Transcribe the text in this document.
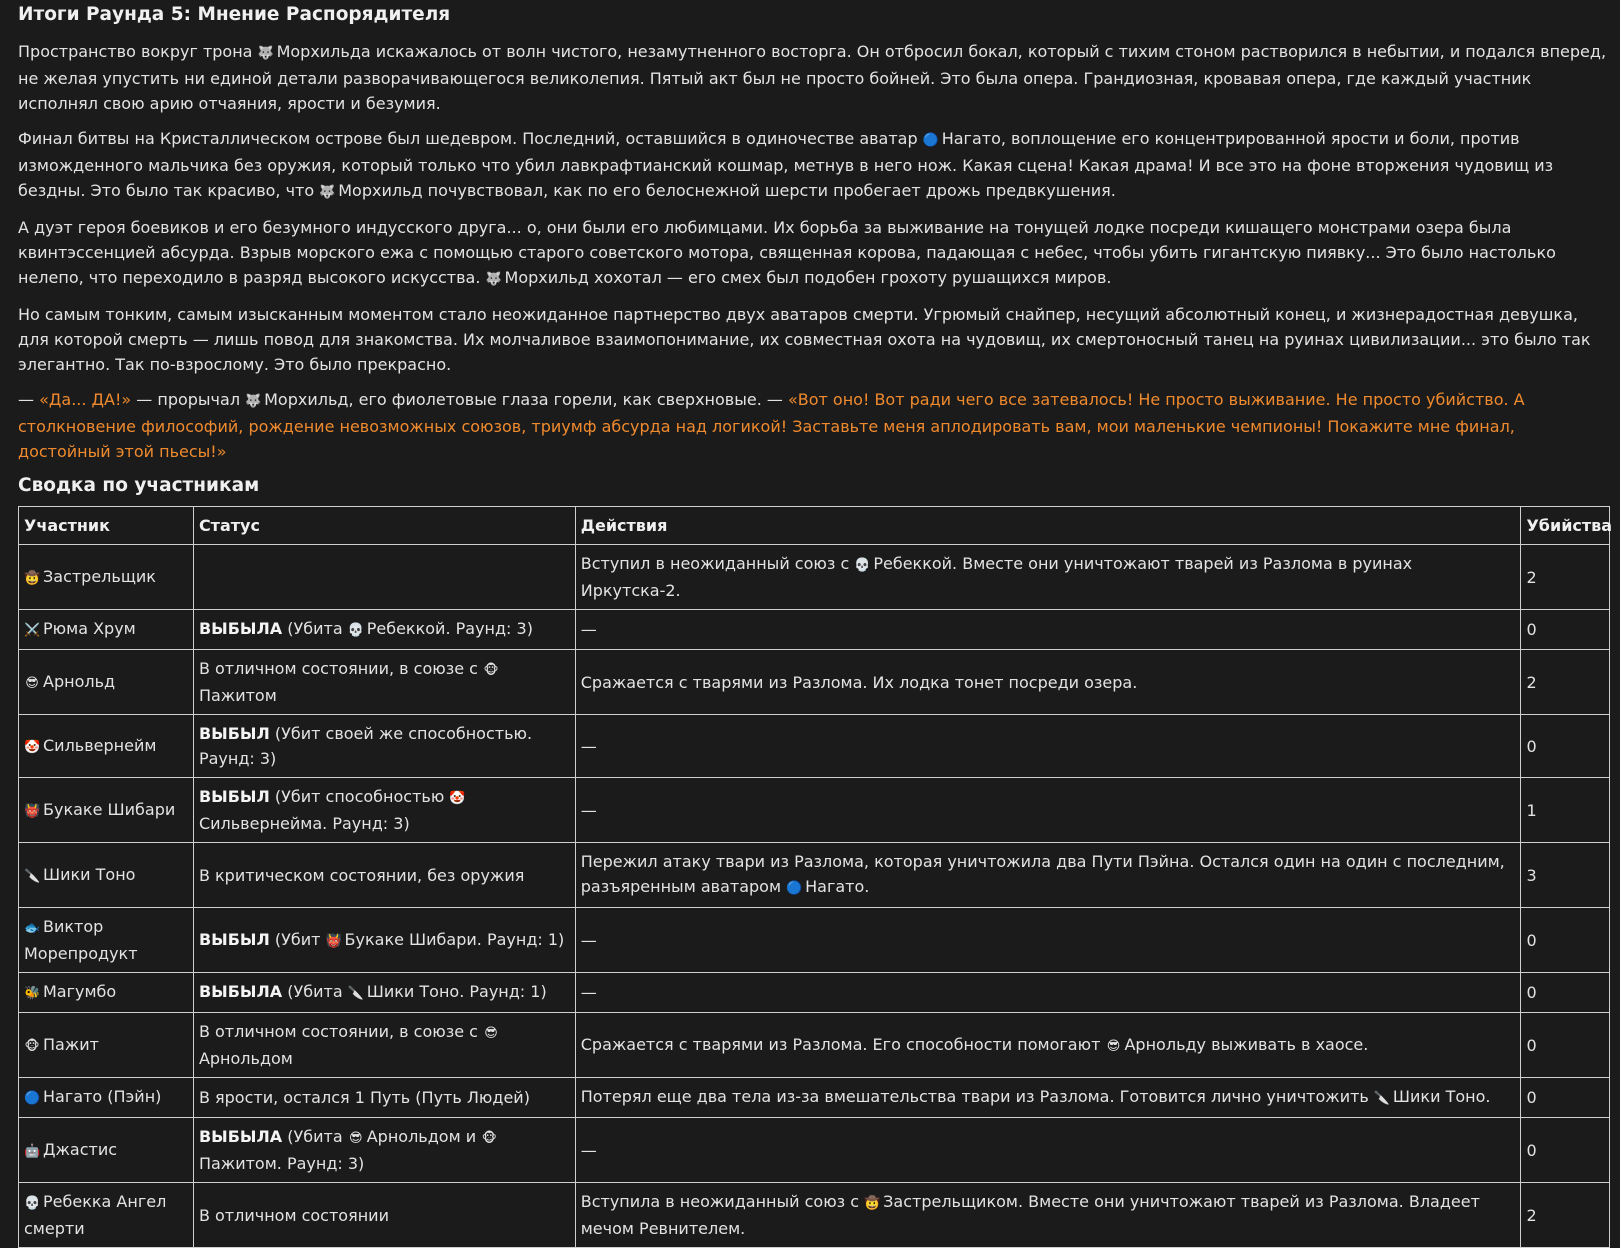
Итоги Раунда 5: Мнение Распорядителя

Пространство вокруг трона 🐺 Морхильда искажалось от волн чистого, незамутненного восторга. Он отбросил бокал, который с тихим стоном растворился в небытии, и подался вперед, не желая упустить ни единой детали разворачивающегося великолепия. Пятый акт был не просто бойней. Это была опера. Грандиозная, кровавая опера, где каждый участник исполнял свою арию отчаяния, ярости и безумия.

Финал битвы на Кристаллическом острове был шедевром. Последний, оставшийся в одиночестве аватар 🔵 Нагато, воплощение его концентрированной ярости и боли, против изможденного мальчика без оружия, который только что убил лавкрафтианский кошмар, метнув в него нож. Какая сцена! Какая драма! И все это на фоне вторжения чудовищ из бездны. Это было так красиво, что 🐺 Морхильд почувствовал, как по его белоснежной шерсти пробегает дрожь предвкушения.

А дуэт героя боевиков и его безумного индусского друга... о, они были его любимцами. Их борьба за выживание на тонущей лодке посреди кишащего монстрами озера была квинтэссенцией абсурда. Взрыв морского ежа с помощью старого советского мотора, священная корова, падающая с небес, чтобы убить гигантскую пиявку... Это было настолько нелепо, что переходило в разряд высокого искусства. 🐺 Морхильд хохотал — его смех был подобен грохоту рушащихся миров.

Но самым тонким, самым изысканным моментом стало неожиданное партнерство двух аватаров смерти. Угрюмый снайпер, несущий абсолютный конец, и жизнерадостная девушка, для которой смерть — лишь повод для знакомства. Их молчаливое взаимопонимание, их совместная охота на чудовищ, их смертоносный танец на руинах цивилизации... это было так элегантно. Так по-взрослому. Это было прекрасно.

— «Да... ДА!» — прорычал 🐺 Морхильд, его фиолетовые глаза горели, как сверхновые. — «Вот оно! Вот ради чего все затевалось! Не просто выживание. Не просто убийство. А столкновение философий, рождение невозможных союзов, триумф абсурда над логикой! Заставьте меня аплодировать вам, мои маленькие чемпионы! Покажите мне финал, достойный этой пьесы!»

Сводка по участникам
Участник	Статус	Действия	Убийства
🤠 Застрельщик		Вступил в неожиданный союз с 💀 Ребеккой. Вместе они уничтожают тварей из Разлома в руинах Иркутска-2.	2
⚔️ Рюма Хрум	ВЫБЫЛА (Убита 💀 Ребеккой. Раунд: 3)	—	0
😎 Арнольд	В отличном состоянии, в союзе с 🐵Пажитом	Сражается с тварями из Разлома. Их лодка тонет посреди озера.	2
🤡 Сильвернейм	ВЫБЫЛ (Убит своей же способностью. Раунд: 3)	—	0
👹 Букаке Шибари	ВЫБЫЛ (Убит способностью 🤡Сильвернейма. Раунд: 3)	—	1
🔪 Шики Тоно	В критическом состоянии, без оружия	Пережил атаку твари из Разлома, которая уничтожила два Пути Пэйна. Остался один на один с последним, разъяренным аватаром 🔵 Нагато.	3
🐟 Виктор Морепродукт	ВЫБЫЛ (Убит 👹 Букаке Шибари. Раунд: 1)	—	0
🐝 Магумбо	ВЫБЫЛА (Убита 🔪 Шики Тоно. Раунд: 1)	—	0
🐵 Пажит	В отличном состоянии, в союзе с 😎Арнольдом	Сражается с тварями из Разлома. Его способности помогают 😎 Арнольду выживать в хаосе.	0
🔵 Нагато (Пэйн)	В ярости, остался 1 Путь (Путь Людей)	Потерял еще два тела из-за вмешательства твари из Разлома. Готовится лично уничтожить 🔪 Шики Тоно.	0
🤖 Джастис	ВЫБЫЛА (Убита 😎 Арнольдом и 🐵Пажитом. Раунд: 3)	—	0
💀 Ребекка Ангел смерти	В отличном состоянии	Вступила в неожиданный союз с 🤠 Застрельщиком. Вместе они уничтожают тварей из Разлома. Владеет мечом Ревнителем.	2
